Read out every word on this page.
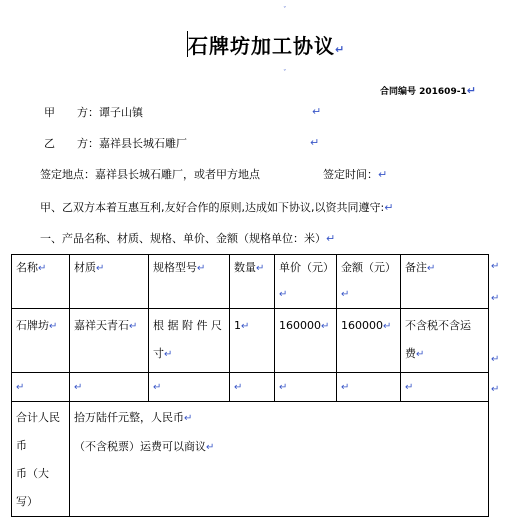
ˇ
石牌坊加工协议↵
ˇ
合同编号 201609-1↵
甲　　方：谭子山镇	↵
乙　　方：嘉祥县长城石雕厂	↵
签定地点：嘉祥县长城石雕厂，或者甲方地点	签定时间：↵
甲、乙双方本着互惠互利,友好合作的原则,达成如下协议,以资共同遵守:↵
一、产品名称、材质、规格、单价、金额（规格单位：米）↵
名称↵	材质↵	规格型号↵	数量↵	单价（元）↵	金额（元）↵	备注↵
石牌坊↵	嘉祥天青石↵	根 据 附 件 尺
寸↵	1↵	160000↵	160000↵	不含税不含运
费↵
↵	↵	↵	↵	↵	↵	↵
合计人民币
币（大写）	拾万陆仟元整，人民币↵
（不含税票）运费可以商议↵					
↵
↵
↵
↵
